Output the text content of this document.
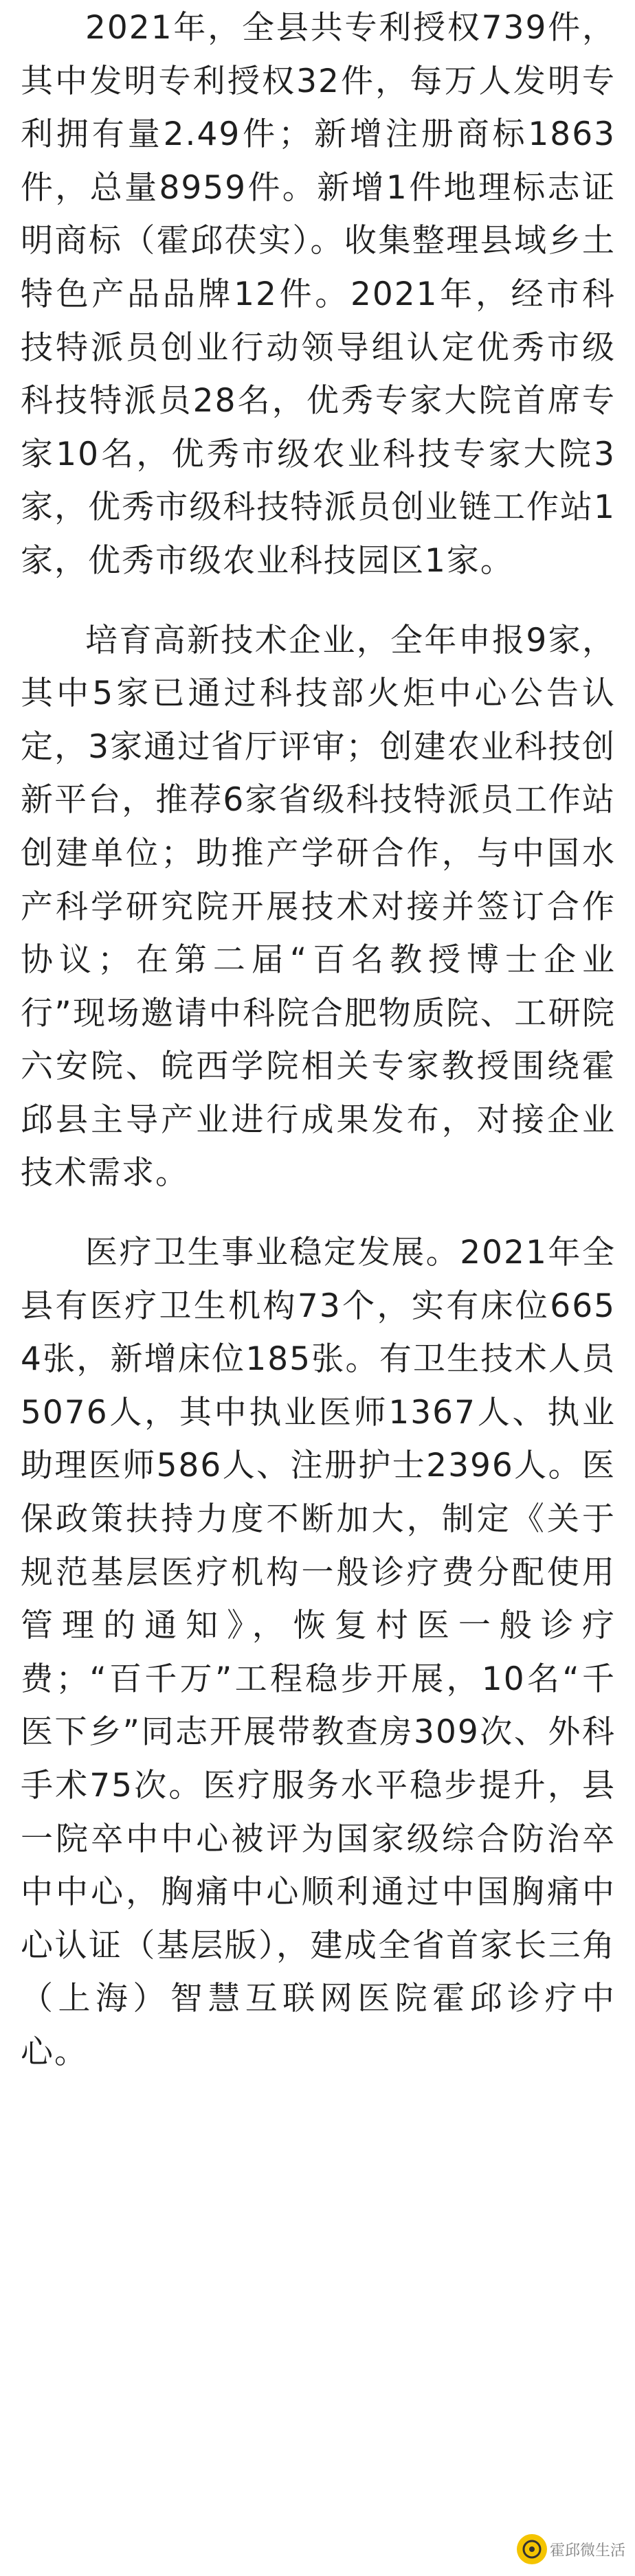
2021年，全县共专利授权739件，其中发明专利授权32件，每万人发明专利拥有量2.49件；新增注册商标1863件，总量8959件。新增1件地理标志证明商标（霍邱茯实）。收集整理县域乡土特色产品品牌12件。2021年，经市科技特派员创业行动领导组认定优秀市级科技特派员28名，优秀专家大院首席专家10名，优秀市级农业科技专家大院3家，优秀市级科技特派员创业链工作站1家，优秀市级农业科技园区1家。

培育高新技术企业，全年申报9家，其中5家已通过科技部火炬中心公告认定，3家通过省厅评审；创建农业科技创新平台，推荐6家省级科技特派员工作站创建单位；助推产学研合作，与中国水产科学研究院开展技术对接并签订合作协议；在第二届“百名教授博士企业行”现场邀请中科院合肥物质院、工研院六安院、皖西学院相关专家教授围绕霍邱县主导产业进行成果发布，对接企业技术需求。

医疗卫生事业稳定发展。2021年全县有医疗卫生机构73个，实有床位6654张，新增床位185张。有卫生技术人员5076人，其中执业医师1367人、执业助理医师586人、注册护士2396人。医保政策扶持力度不断加大，制定《关于规范基层医疗机构一般诊疗费分配使用管理的通知》，恢复村医一般诊疗费；“百千万”工程稳步开展，10名“千医下乡”同志开展带教查房309次、外科手术75次。医疗服务水平稳步提升，县一院卒中中心被评为国家级综合防治卒中中心，胸痛中心顺利通过中国胸痛中心认证（基层版），建成全省首家长三角（上海）智慧互联网医院霍邱诊疗中心。

霍邱微生活
